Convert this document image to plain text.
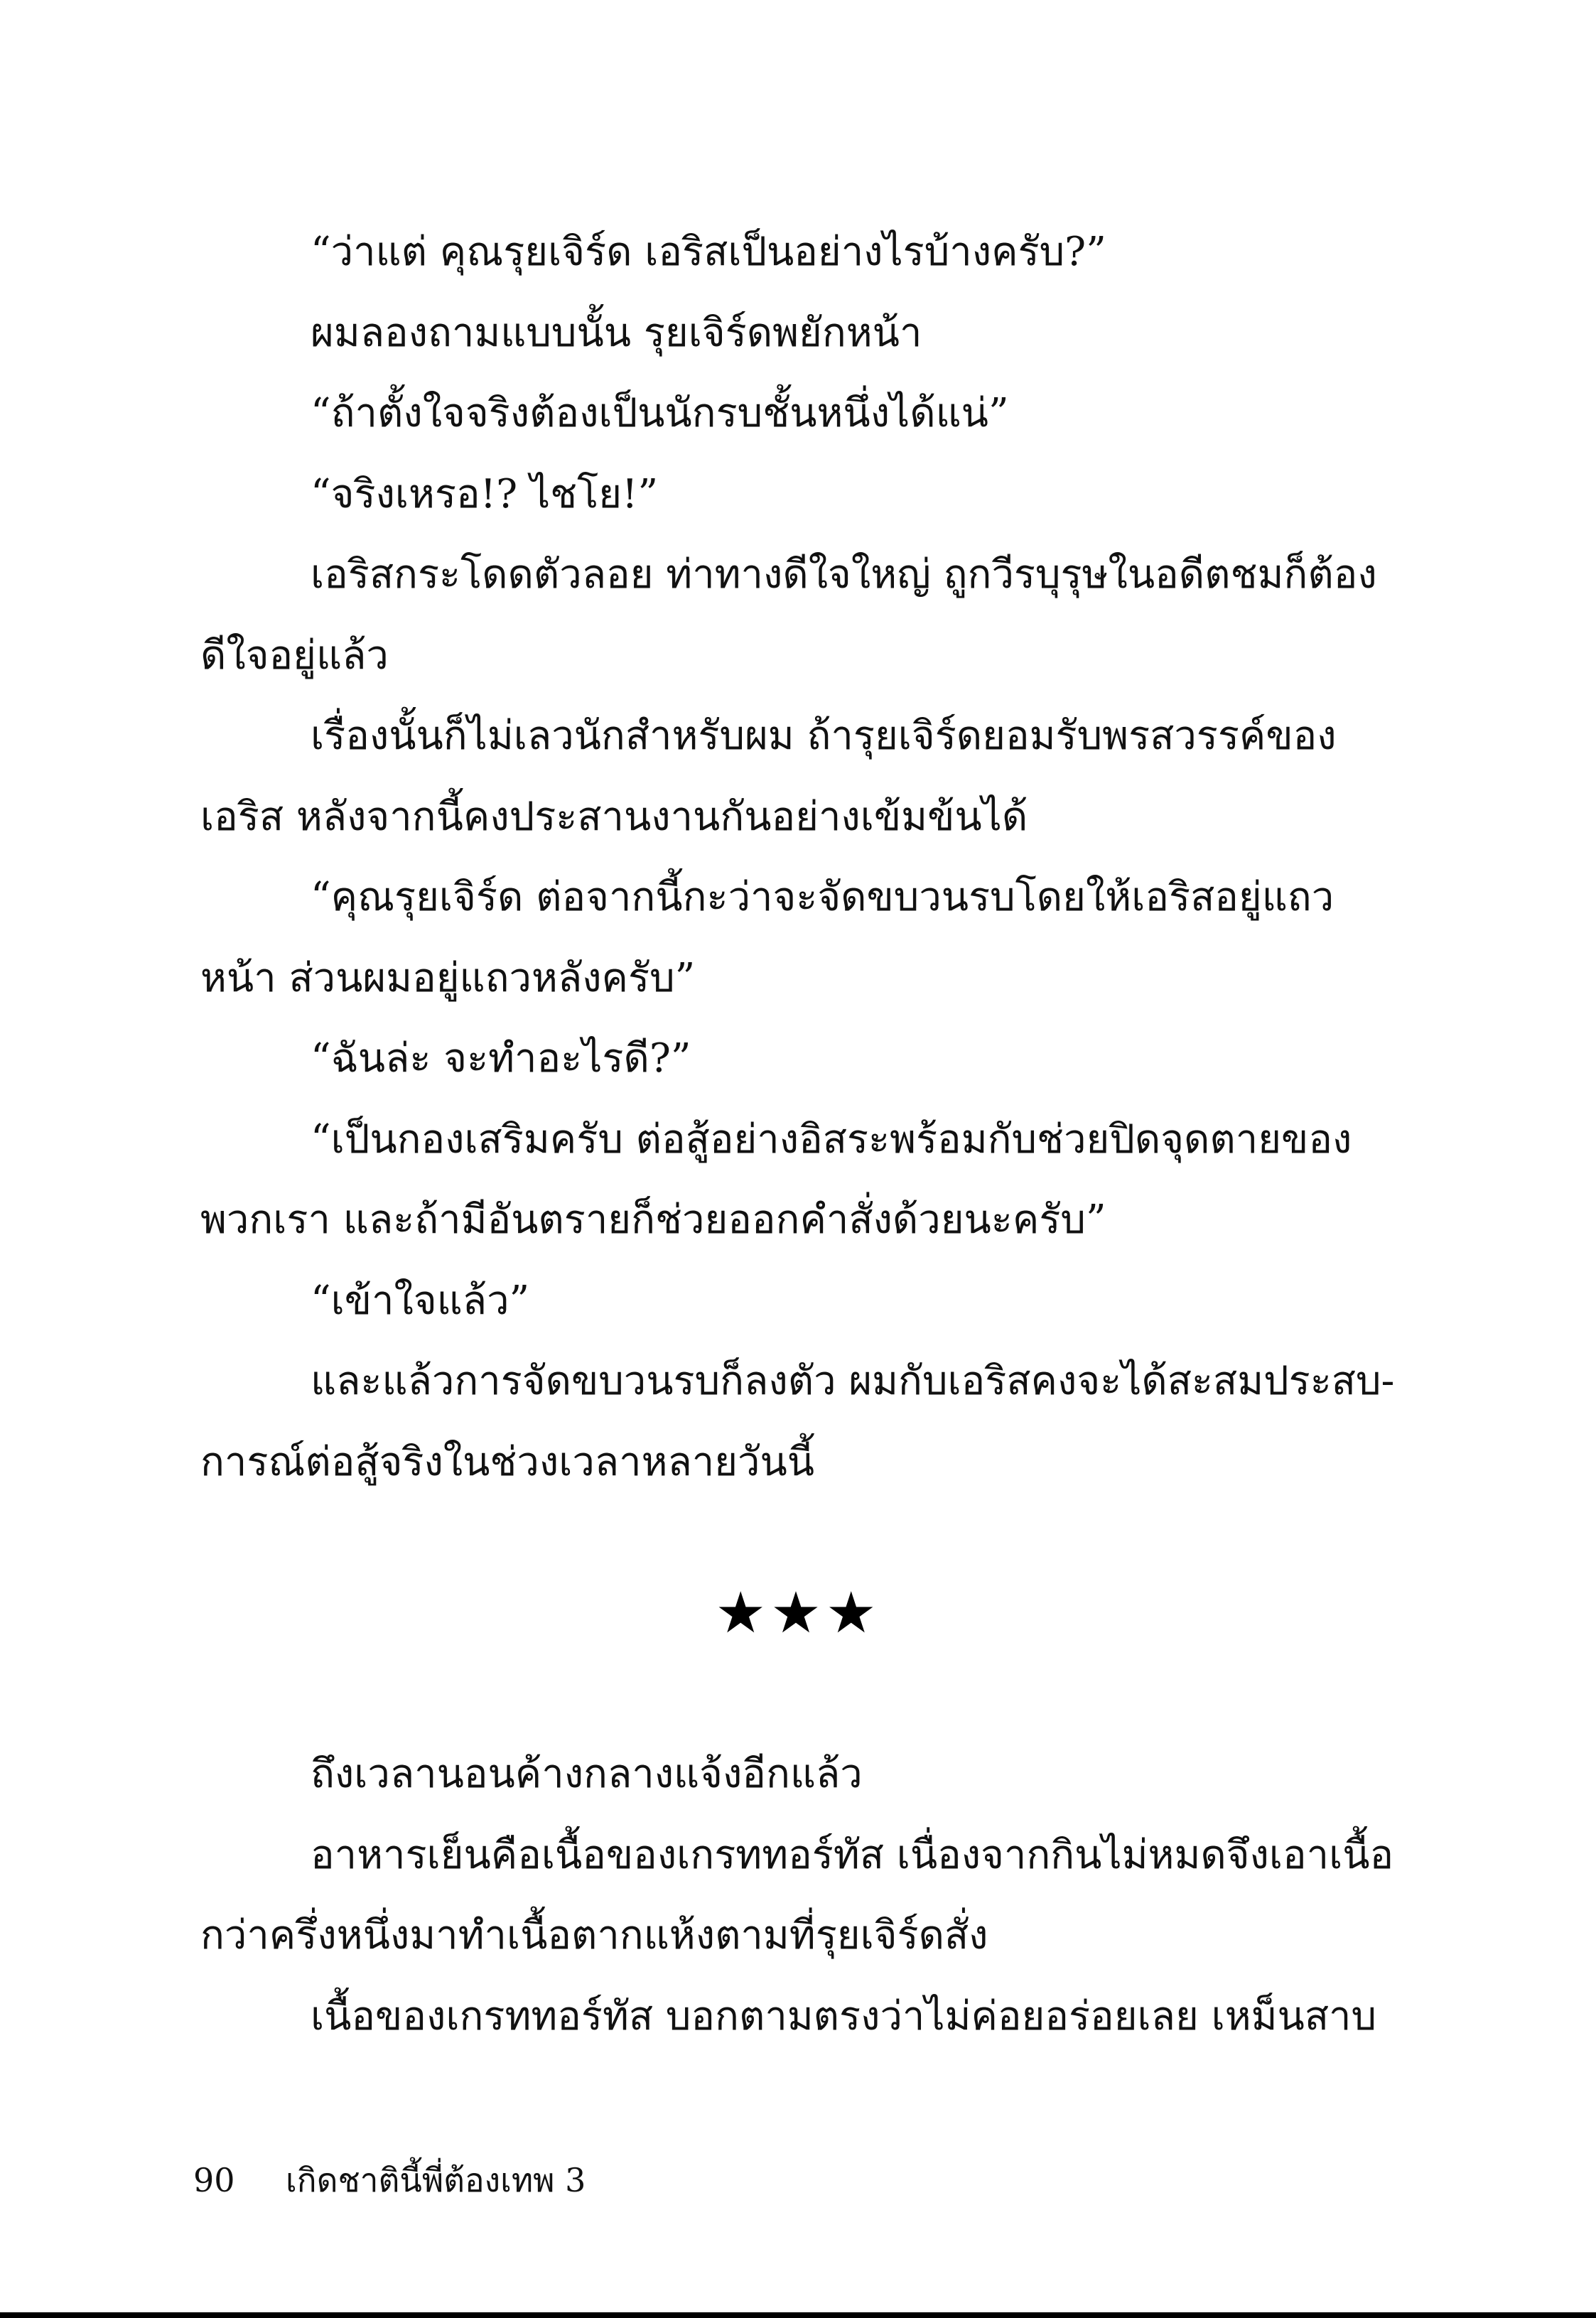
“ว่าแต่ คุณรุยเจิร์ด เอริสเป็นอย่างไรบ้างครับ?”
ผมลองถามแบบนั้น รุยเจิร์ดพยักหน้า
“ถ้าตั้งใจจริงต้องเป็นนักรบชั้นหนึ่งได้แน่”
“จริงเหรอ!? ไชโย!”
เอริสกระโดดตัวลอย ท่าทางดีใจใหญ่ ถูกวีรบุรุษในอดีตชมก็ต้อง
ดีใจอยู่แล้ว
เรื่องนั้นก็ไม่เลวนักสำหรับผม ถ้ารุยเจิร์ดยอมรับพรสวรรค์ของ
เอริส หลังจากนี้คงประสานงานกันอย่างเข้มข้นได้
“คุณรุยเจิร์ด ต่อจากนี้กะว่าจะจัดขบวนรบโดยให้เอริสอยู่แถว
หน้า ส่วนผมอยู่แถวหลังครับ”
“ฉันล่ะ จะทำอะไรดี?”
“เป็นกองเสริมครับ ต่อสู้อย่างอิสระพร้อมกับช่วยปิดจุดตายของ
พวกเรา และถ้ามีอันตรายก็ช่วยออกคำสั่งด้วยนะครับ”
“เข้าใจแล้ว”
และแล้วการจัดขบวนรบก็ลงตัว ผมกับเอริสคงจะได้สะสมประสบ-
การณ์ต่อสู้จริงในช่วงเวลาหลายวันนี้
★★★
ถึงเวลานอนค้างกลางแจ้งอีกแล้ว
อาหารเย็นคือเนื้อของเกรททอร์ทัส เนื่องจากกินไม่หมดจึงเอาเนื้อ
กว่าครึ่งหนึ่งมาทำเนื้อตากแห้งตามที่รุยเจิร์ดสั่ง
เนื้อของเกรททอร์ทัส บอกตามตรงว่าไม่ค่อยอร่อยเลย เหม็นสาบ
90 เกิดชาตินี้พี่ต้องเทพ 3
